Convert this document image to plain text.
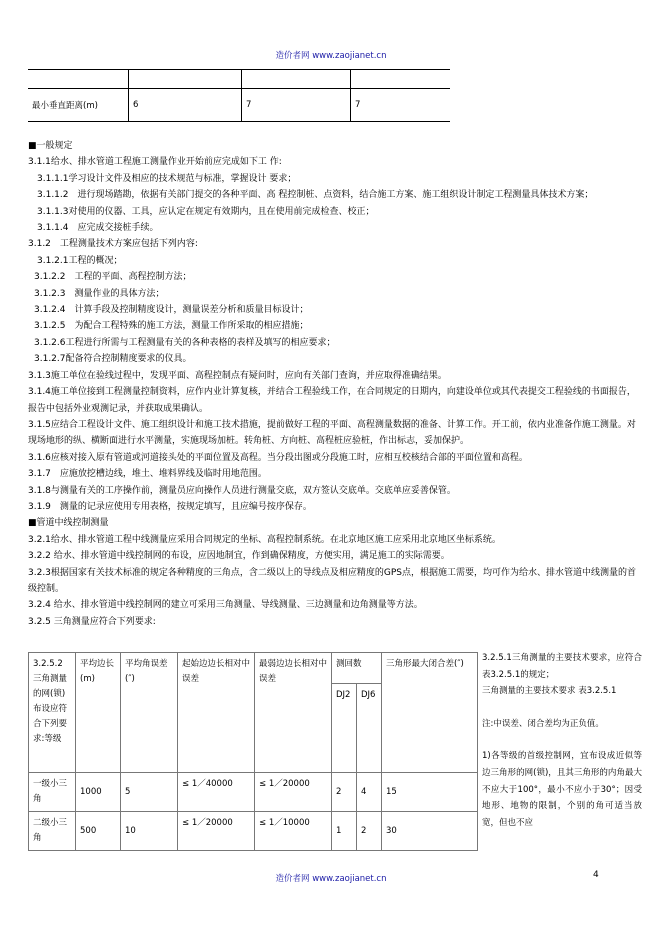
造价者网 www.zaojianet.cn

最小垂直距离(m)	6	7	7
■一般规定
3.1.1给水、排水管道工程施工测量作业开始前应完成如下工 作:
3.1.1.1学习设计文件及相应的技术规范与标准，掌握设计 要求；
3.1.1.2　进行现场踏勘，依据有关部门提交的各种平面、高 程控制桩、点资料，结合施工方案、施工组织设计制定工程测量具体技术方案；
3.1.1.3对使用的仪器、工具，应认定在规定有效期内，且在使用前完成检查、校正；
3.1.1.4　应完成交接桩手续。
3.1.2　工程测量技术方案应包括下列内容:
3.1.2.1工程的概况；
3.1.2.2　工程的平面、高程控制方法；
3.1.2.3　测量作业的具体方法；
3.1.2.4　计算手段及控制精度设计，测量误差分析和质量目标设计；
3.1.2.5　为配合工程特殊的施工方法，测量工作所采取的相应措施；
3.1.2.6工程进行所需与工程测量有关的各种表格的表样及填写的相应要求；
3.1.2.7配备符合控制精度要求的仪具。
3.1.3施工单位在验线过程中，发现平面、高程控制点有疑问时，应向有关部门查询，并应取得准确结果。
3.1.4施工单位接到工程测量控制资料，应作内业计算复核，并结合工程验线工作，在合同规定的日期内，向建设单位或其代表提交工程验线的书面报告，报告中包括外业观测记录，并获取成果确认。
3.1.5应结合工程设计文件、施工组织设计和施工技术措施，提前做好工程的平面、高程测量数据的准备、计算工作。开工前，依内业准备作施工测量。对现场地形的纵、横断面进行水平测量，实施现场加桩。转角桩、方向桩、高程桩应验桩，作出标志，妥加保护。
3.1.6应核对接入原有管道或河道接头处的平面位置及高程。当分段出图或分段施工时，应相互校核结合部的平面位置和高程。
3.1.7　应施放挖槽边线，堆土、堆料界线及临时用地范围。
3.1.8与测量有关的工序操作前，测量员应向操作人员进行测量交底，双方签认交底单。交底单应妥善保管。
3.1.9　测量的记录应使用专用表格，按规定填写，且应编号按序保存。
■管道中线控制测量
3.2.1给水、排水管道工程中线测量应采用合同规定的坐标、高程控制系统。在北京地区施工应采用北京地区坐标系统。
3.2.2 给水、排水管道中线控制网的布设，应因地制宜，作到确保精度，方便实用，满足施工的实际需要。
3.2.3根据国家有关技术标准的规定各种精度的三角点，含二级以上的导线点及相应精度的GPS点，根据施工需要，均可作为给水、排水管道中线测量的首级控制。
3.2.4 给水、排水管道中线控制网的建立可采用三角测量、导线测量、三边测量和边角测量等方法。
3.2.5 三角测量应符合下列要求:
3.2.5.2 三角测量的网(锁)布设应符合下列要求:等级	平均边长(m)	平均角误差(″)	起始边边长相对中误差	最弱边边长相对中误差	测回数		三角形最大闭合差(″)
					DJ2	DJ6	
一级小三角	1000	5	≤ 1／40000	≤ 1／20000	2	4	15
二级小三角	500	10	≤ 1／20000	≤ 1／10000	1	2	30
3.2.5.1三角测量的主要技术要求，应符合表3.2.5.1的规定；
三角测量的主要技术要求 表3.2.5.1
注:中误差、闭合差均为正负值。
1)各等级的首级控制网，宜布设成近似等边三角形的网(锁)，且其三角形的内角最大不应大于100°，最小不应小于30°；因受地形、地物的限制，个别的角可适当放宽，但也不应
造价者网 www.zaojianet.cn	4
